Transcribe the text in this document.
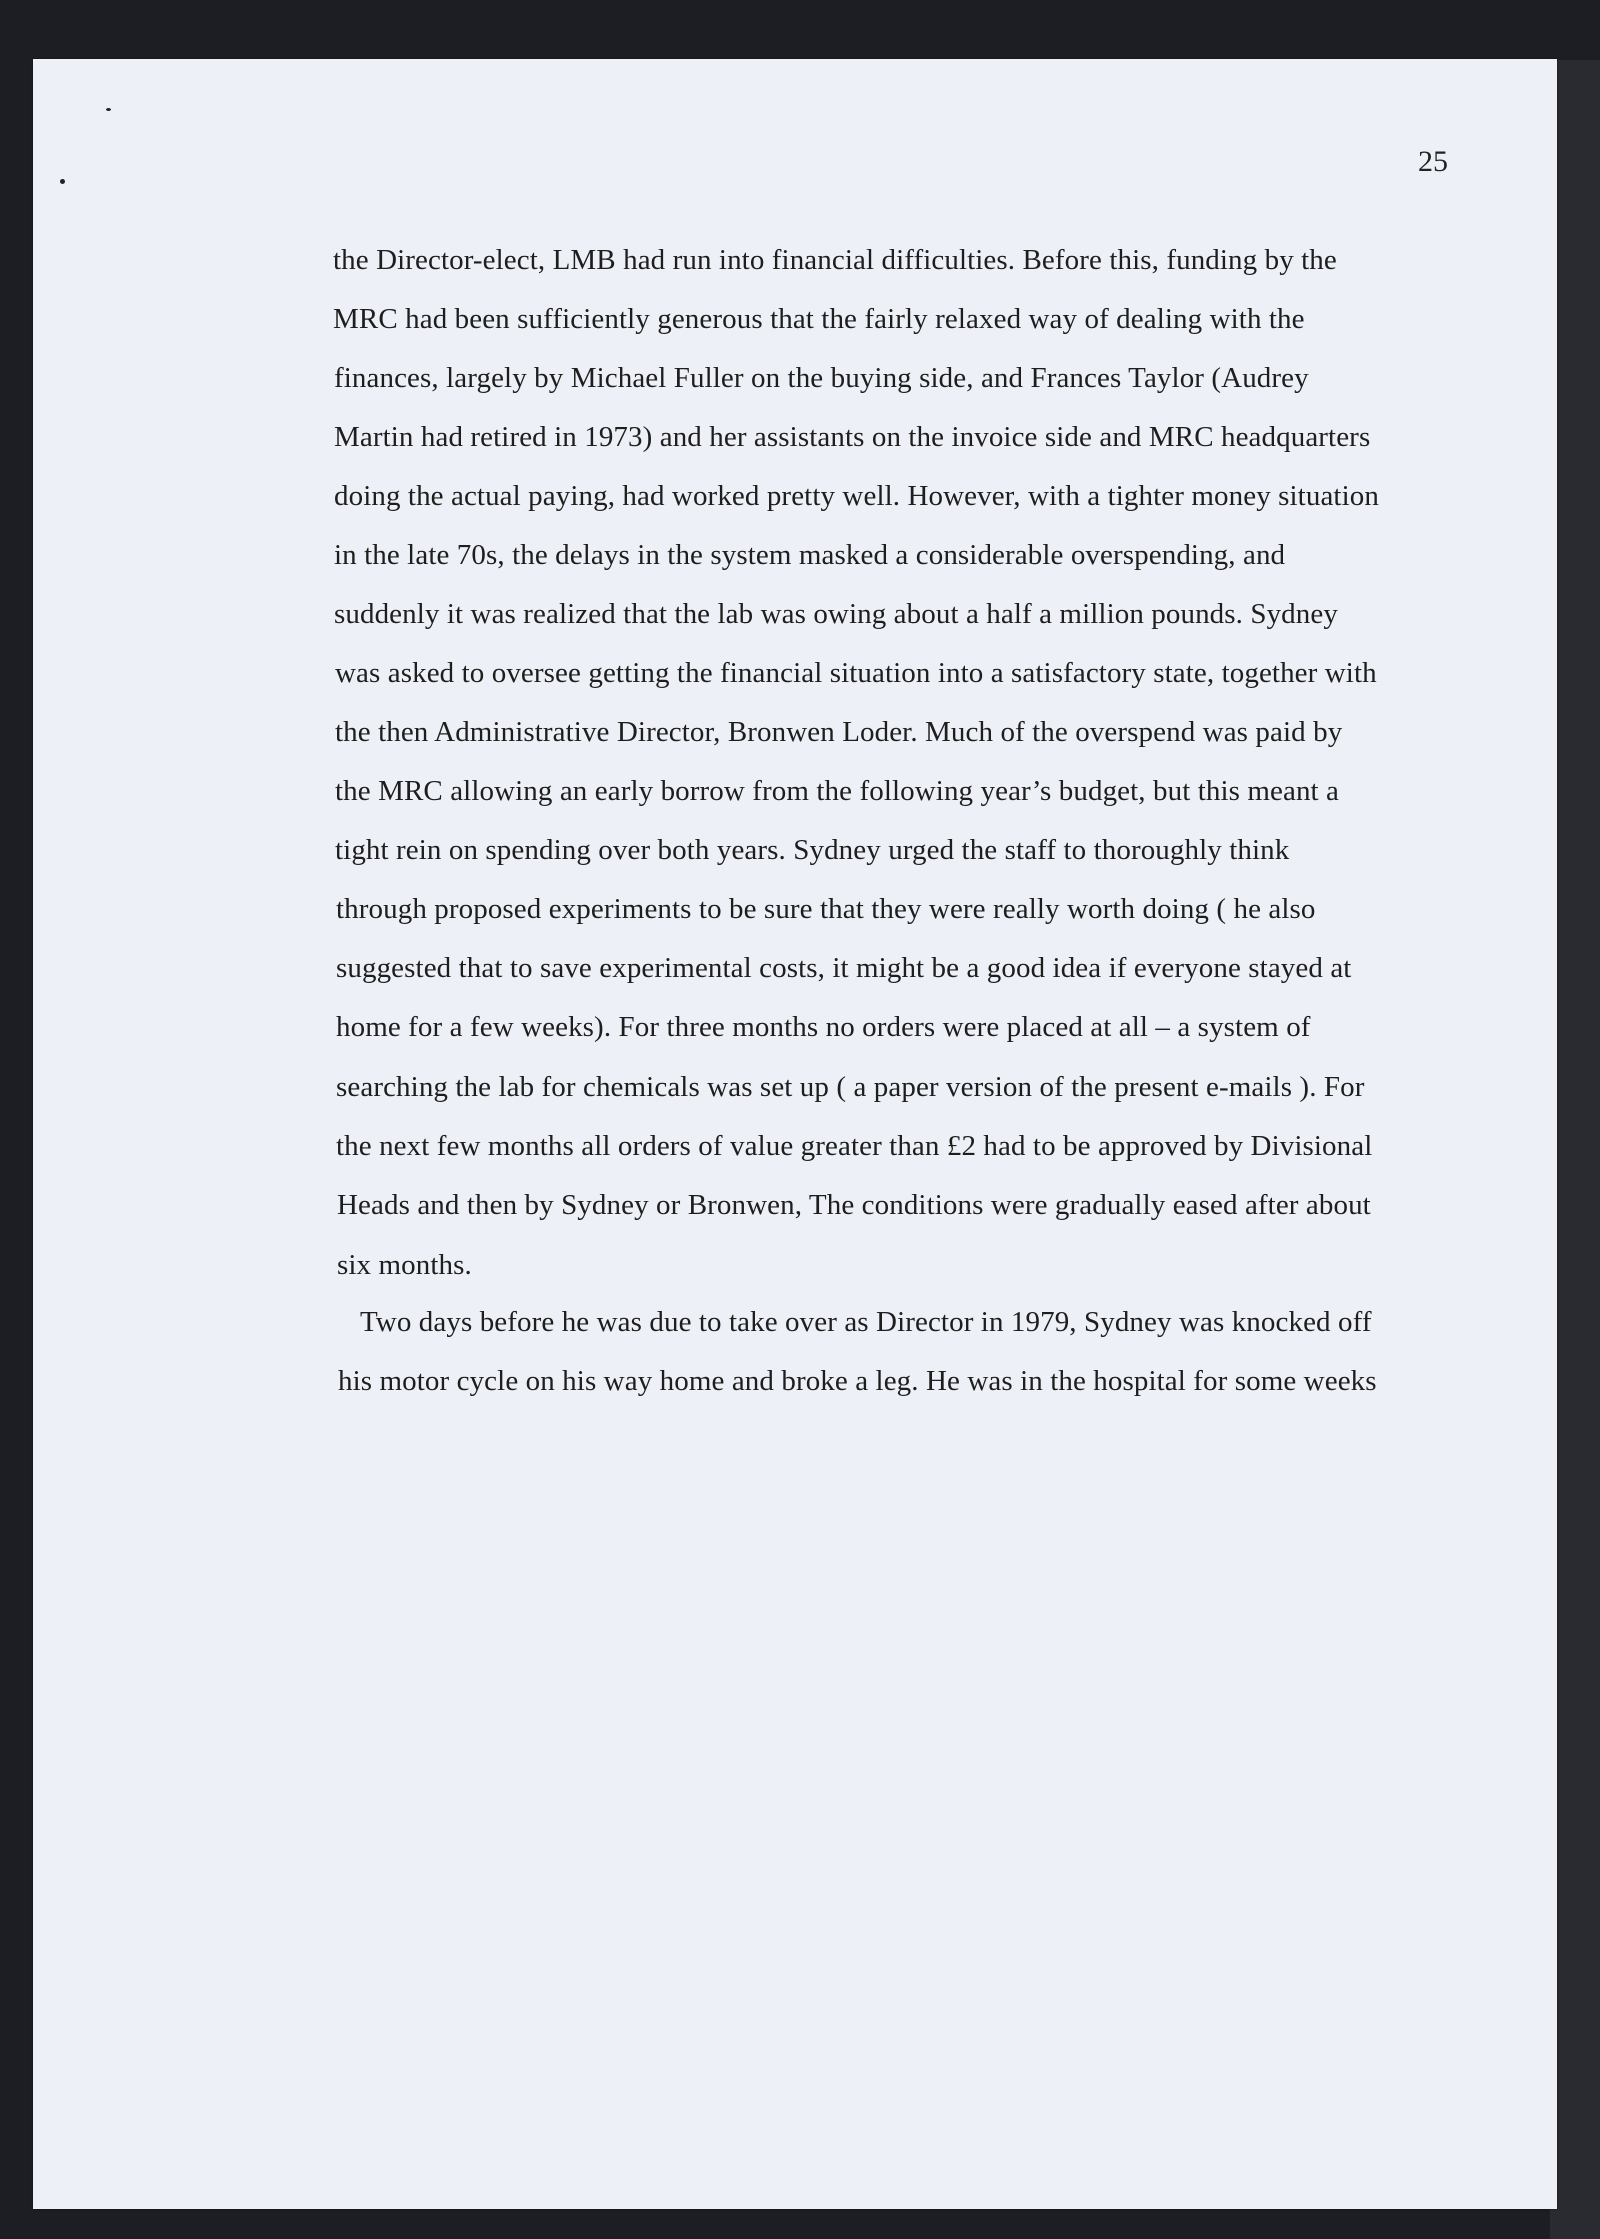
25
the Director-elect, LMB had run into financial difficulties. Before this, funding by the
MRC had been sufficiently generous that the fairly relaxed way of dealing with the
finances, largely by Michael Fuller on the buying side, and Frances Taylor (Audrey
Martin had retired in 1973) and her assistants on the invoice side and MRC headquarters
doing the actual paying, had worked pretty well. However, with a tighter money situation
in the late 70s, the delays in the system masked a considerable overspending, and
suddenly it was realized that the lab was owing about a half a million pounds. Sydney
was asked to oversee getting the financial situation into a satisfactory state, together with
the then Administrative Director, Bronwen Loder. Much of the overspend was paid by
the MRC allowing an early borrow from the following year’s budget, but this meant a
tight rein on spending over both years. Sydney urged the staff to thoroughly think
through proposed experiments to be sure that they were really worth doing ( he also
suggested that to save experimental costs, it might be a good idea if everyone stayed at
home for a few weeks). For three months no orders were placed at all – a system of
searching the lab for chemicals was set up ( a paper version of the present e-mails ). For
the next few months all orders of value greater than £2 had to be approved by Divisional
Heads and then by Sydney or Bronwen, The conditions were gradually eased after about
six months.
Two days before he was due to take over as Director in 1979, Sydney was knocked off
his motor cycle on his way home and broke a leg. He was in the hospital for some weeks
